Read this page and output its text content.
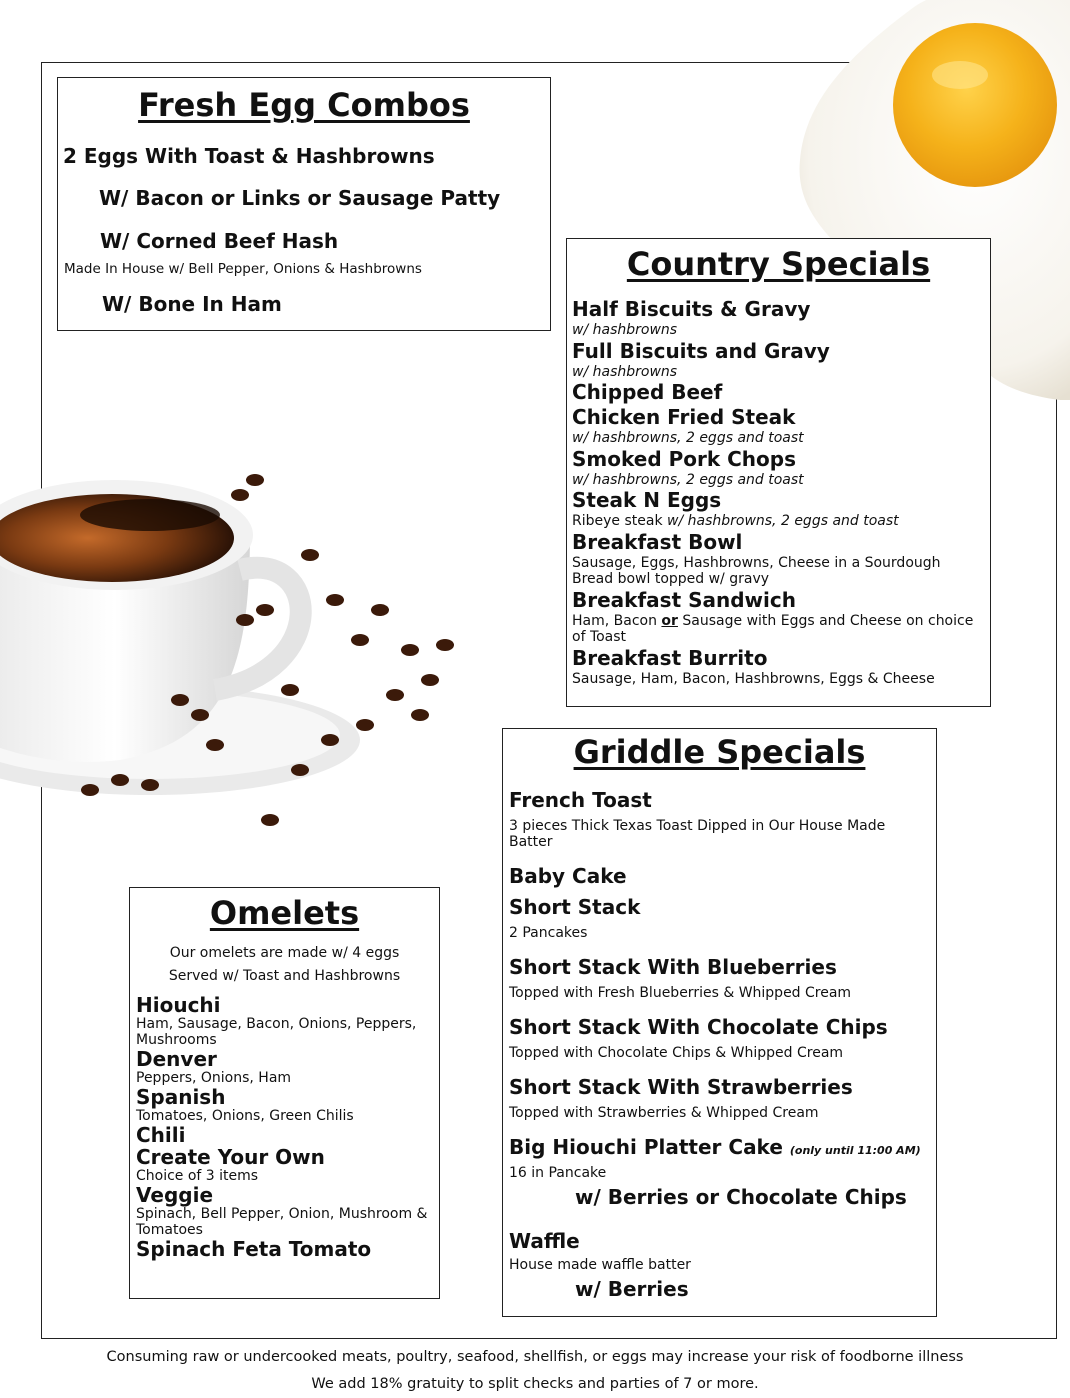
Fresh Egg Combos
2 Eggs With Toast & Hashbrowns
W/ Bacon or Links or Sausage Patty
W/ Corned Beef Hash
Made In House w/ Bell Pepper, Onions & Hashbrowns
W/ Bone In Ham
Country Specials
Half Biscuits & Gravy
w/ hashbrowns
Full Biscuits and Gravy
w/ hashbrowns
Chipped Beef
Chicken Fried Steak
w/ hashbrowns, 2 eggs and toast
Smoked Pork Chops
w/ hashbrowns, 2 eggs and toast
Steak N Eggs
Ribeye steak w/ hashbrowns, 2 eggs and toast
Breakfast Bowl
Sausage, Eggs, Hashbrowns, Cheese in a Sourdough Bread bowl topped w/ gravy
Breakfast Sandwich
Ham, Bacon or Sausage with Eggs and Cheese on choice of Toast
Breakfast Burrito
Sausage, Ham, Bacon, Hashbrowns, Eggs & Cheese
Griddle Specials
French Toast
3 pieces Thick Texas Toast Dipped in Our House Made Batter
Baby Cake
Short Stack
2 Pancakes
Short Stack With Blueberries
Topped with Fresh Blueberries & Whipped Cream
Short Stack With Chocolate Chips
Topped with Chocolate Chips & Whipped Cream
Short Stack With Strawberries
Topped with Strawberries & Whipped Cream
Big Hiouchi Platter Cake (only until 11:00 AM)
16 in Pancake
w/ Berries or Chocolate Chips
Waffle
House made waffle batter
w/ Berries
Omelets
Our omelets are made w/ 4 eggs
Served w/ Toast and Hashbrowns
Hiouchi
Ham, Sausage, Bacon, Onions, Peppers, Mushrooms
Denver
Peppers, Onions, Ham
Spanish
Tomatoes, Onions, Green Chilis
Chili
Create Your Own
Choice of 3 items
Veggie
Spinach, Bell Pepper, Onion, Mushroom & Tomatoes
Spinach Feta Tomato
Consuming raw or undercooked meats, poultry, seafood, shellfish, or eggs may increase your risk of foodborne illness
We add 18% gratuity to split checks and parties of 7 or more.
